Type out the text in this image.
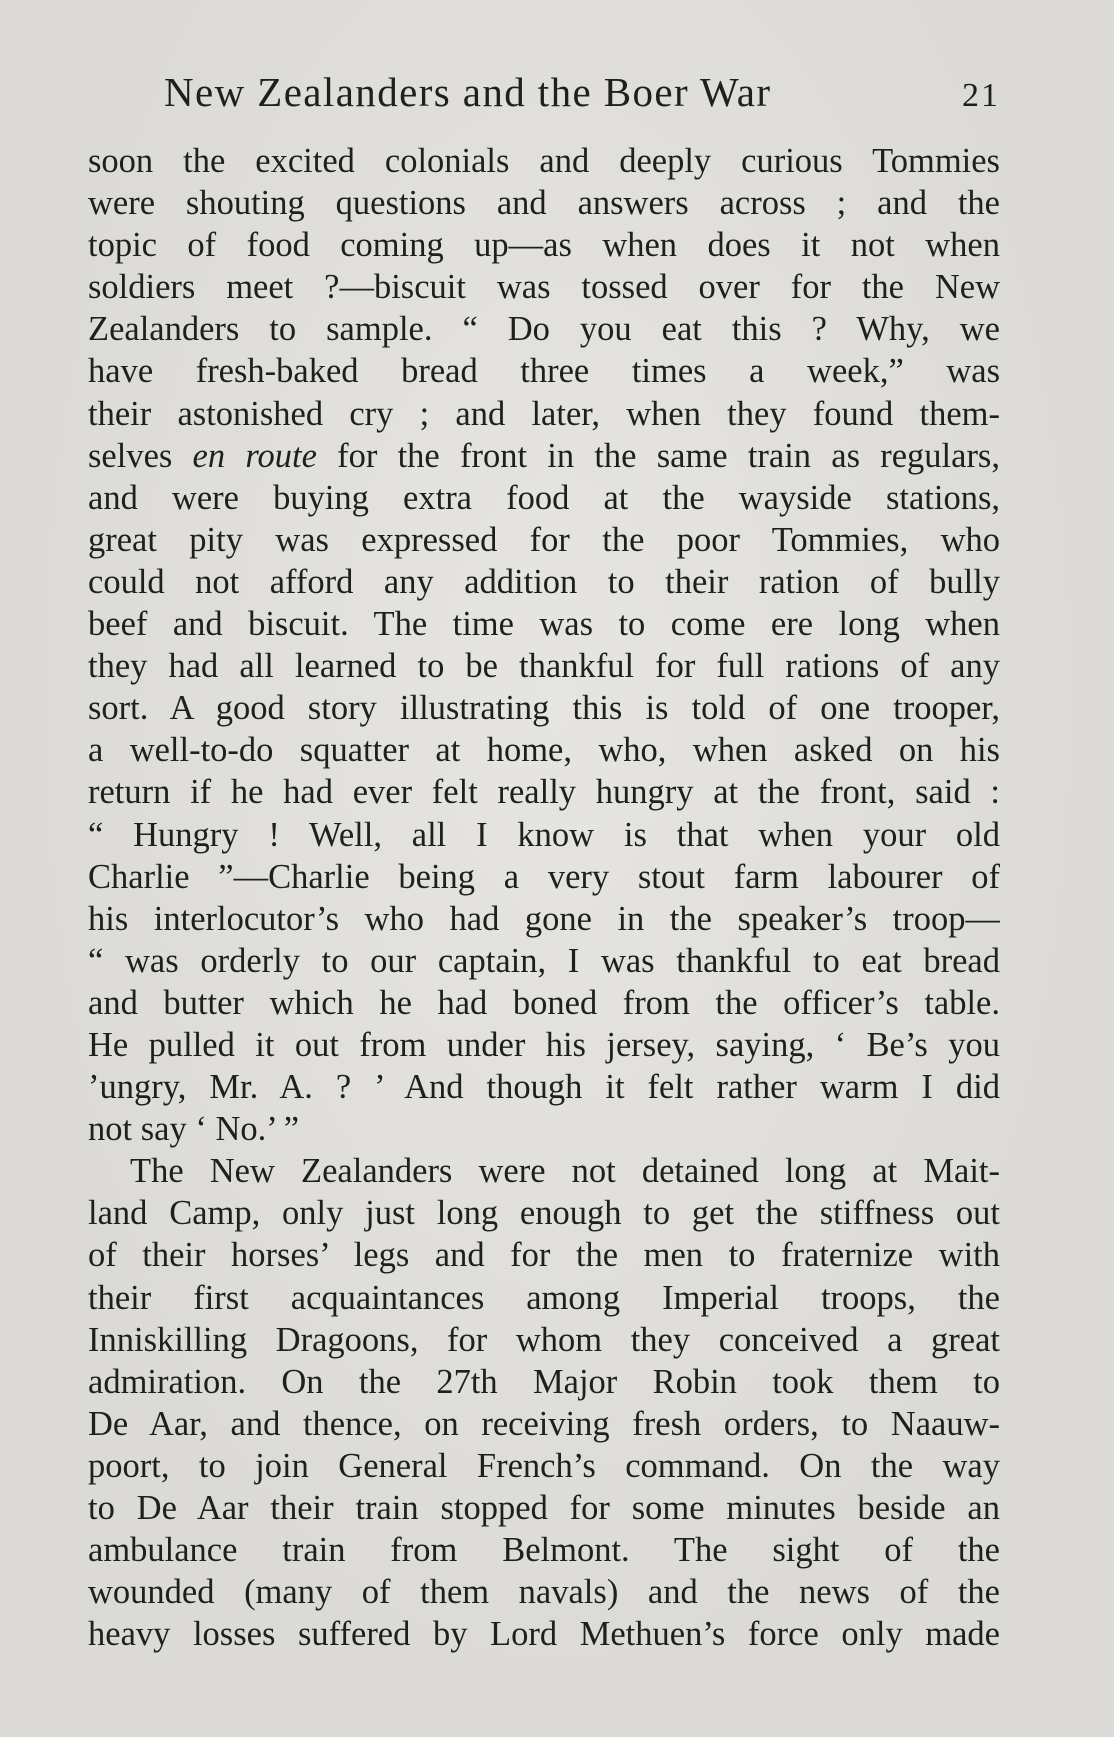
New Zealanders and the Boer War	21
soon the excited colonials and deeply curious Tommies
were shouting questions and answers across ; and the
topic of food coming up—as when does it not when
soldiers meet ?—biscuit was tossed over for the New
Zealanders to sample. “ Do you eat this ? Why, we
have fresh-baked bread three times a week,” was
their astonished cry ; and later, when they found them-
selves en route for the front in the same train as regulars,
and were buying extra food at the wayside stations,
great pity was expressed for the poor Tommies, who
could not afford any addition to their ration of bully
beef and biscuit. The time was to come ere long when
they had all learned to be thankful for full rations of any
sort. A good story illustrating this is told of one trooper,
a well-to-do squatter at home, who, when asked on his
return if he had ever felt really hungry at the front, said :
“ Hungry ! Well, all I know is that when your old
Charlie ”—Charlie being a very stout farm labourer of
his interlocutor’s who had gone in the speaker’s troop—
“ was orderly to our captain, I was thankful to eat bread
and butter which he had boned from the officer’s table.
He pulled it out from under his jersey, saying, ‘ Be’s you
’ungry, Mr. A. ? ’ And though it felt rather warm I did
not say ‘ No.’ ”
The New Zealanders were not detained long at Mait-
land Camp, only just long enough to get the stiffness out
of their horses’ legs and for the men to fraternize with
their first acquaintances among Imperial troops, the
Inniskilling Dragoons, for whom they conceived a great
admiration. On the 27th Major Robin took them to
De Aar, and thence, on receiving fresh orders, to Naauw-
poort, to join General French’s command. On the way
to De Aar their train stopped for some minutes beside an
ambulance train from Belmont. The sight of the
wounded (many of them navals) and the news of the
heavy losses suffered by Lord Methuen’s force only made
